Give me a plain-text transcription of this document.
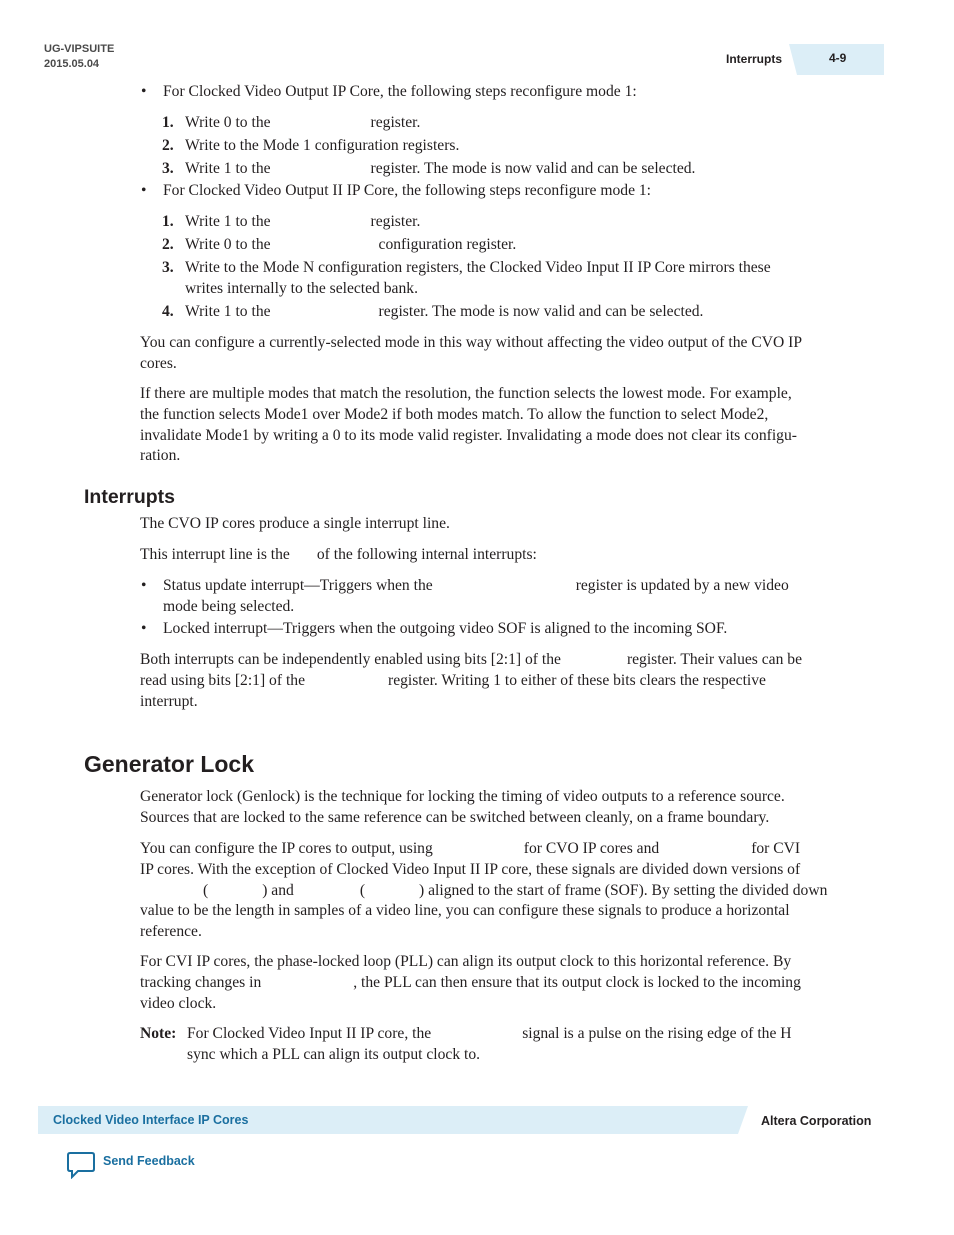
UG-VIPSUITE
2015.05.04	Interrupts	4-9
• For Clocked Video Output IP Core, the following steps reconfigure mode 1:
1. Write 0 to the	register.
2. Write to the Mode 1 configuration registers.
3. Write 1 to the	register. The mode is now valid and can be selected.
• For Clocked Video Output II IP Core, the following steps reconfigure mode 1:
1. Write 1 to the	register.
2. Write 0 to the	configuration register.
3. Write to the Mode N configuration registers, the Clocked Video Input II IP Core mirrors these
writes internally to the selected bank.
4. Write 1 to the	register. The mode is now valid and can be selected.
You can configure a currently-selected mode in this way without affecting the video output of the CVO IP
cores.
If there are multiple modes that match the resolution, the function selects the lowest mode. For example,
the function selects Mode1 over Mode2 if both modes match. To allow the function to select Mode2,
invalidate Mode1 by writing a 0 to its mode valid register. Invalidating a mode does not clear its configu-
ration.
Interrupts
The CVO IP cores produce a single interrupt line.
This interrupt line is the of the following internal interrupts:
• Status update interrupt—Triggers when the	register is updated by a new video
mode being selected.
• Locked interrupt—Triggers when the outgoing video SOF is aligned to the incoming SOF.
Both interrupts can be independently enabled using bits [2:1] of the	register. Their values can be
read using bits [2:1] of the	register. Writing 1 to either of these bits clears the respective
interrupt.
Generator Lock
Generator lock (Genlock) is the technique for locking the timing of video outputs to a reference source.
Sources that are locked to the same reference can be switched between cleanly, on a frame boundary.
You can configure the IP cores to output, using	for CVO IP cores and	for CVI
IP cores. With the exception of Clocked Video Input II IP core, these signals are divided down versions of
(	) and	(	) aligned to the start of frame (SOF). By setting the divided down
value to be the length in samples of a video line, you can configure these signals to produce a horizontal
reference.
For CVI IP cores, the phase-locked loop (PLL) can align its output clock to this horizontal reference. By
tracking changes in	, the PLL can then ensure that its output clock is locked to the incoming
video clock.
Note: For Clocked Video Input II IP core, the	signal is a pulse on the rising edge of the H
sync which a PLL can align its output clock to.
Clocked Video Interface IP Cores	Altera Corporation
Send Feedback
